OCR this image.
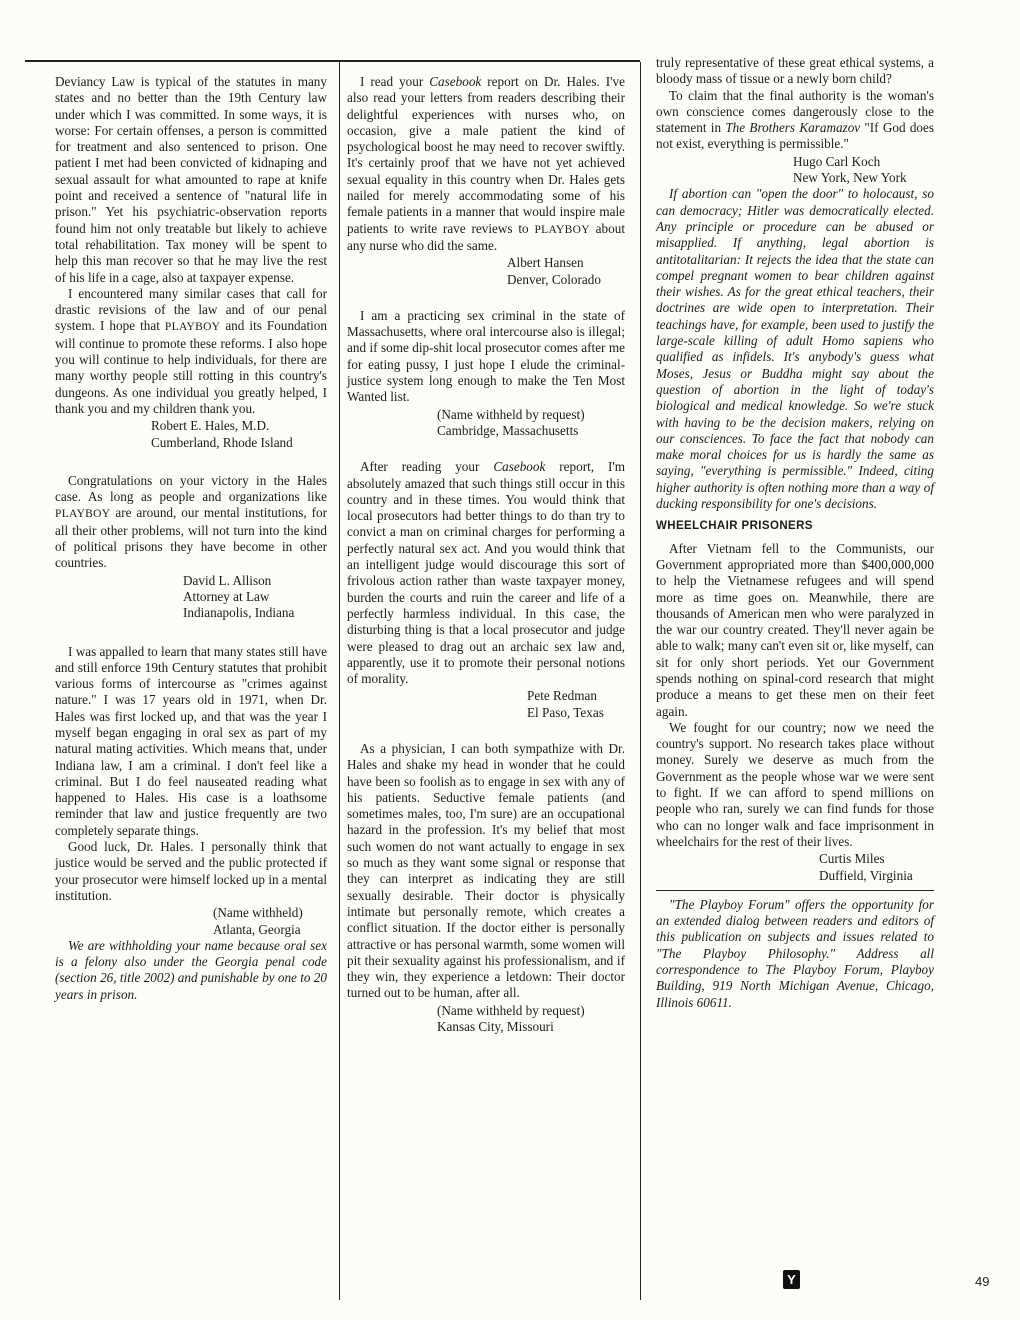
Deviancy Law is typical of the statutes in many states and no better than the 19th Century law under which I was committed. In some ways, it is worse: For certain offenses, a person is committed for treatment and also sentenced to prison. One patient I met had been convicted of kidnaping and sexual assault for what amounted to rape at knife point and received a sentence of "natural life in prison." Yet his psychiatric-observation reports found him not only treatable but likely to achieve total rehabilitation. Tax money will be spent to help this man recover so that he may live the rest of his life in a cage, also at taxpayer expense.

I encountered many similar cases that call for drastic revisions of the law and of our penal system. I hope that PLAYBOY and its Foundation will continue to promote these reforms. I also hope you will continue to help individuals, for there are many worthy people still rotting in this country's dungeons. As one individual you greatly helped, I thank you and my children thank you.

Robert E. Hales, M.D.
Cumberland, Rhode Island

Congratulations on your victory in the Hales case. As long as people and organizations like PLAYBOY are around, our mental institutions, for all their other problems, will not turn into the kind of political prisons they have become in other countries.

David L. Allison
Attorney at Law
Indianapolis, Indiana

I was appalled to learn that many states still have and still enforce 19th Century statutes that prohibit various forms of intercourse as "crimes against nature." I was 17 years old in 1971, when Dr. Hales was first locked up, and that was the year I myself began engaging in oral sex as part of my natural mating activities. Which means that, under Indiana law, I am a criminal. I don't feel like a criminal. But I do feel nauseated reading what happened to Hales. His case is a loathsome reminder that law and justice frequently are two completely separate things.

Good luck, Dr. Hales. I personally think that justice would be served and the public protected if your prosecutor were himself locked up in a mental institution.

(Name withheld)
Atlanta, Georgia

We are withholding your name because oral sex is a felony also under the Georgia penal code (section 26, title 2002) and punishable by one to 20 years in prison.

I read your Casebook report on Dr. Hales. I've also read your letters from readers describing their delightful experiences with nurses who, on occasion, give a male patient the kind of psychological boost he may need to recover swiftly. It's certainly proof that we have not yet achieved sexual equality in this country when Dr. Hales gets nailed for merely accommodating some of his female patients in a manner that would inspire male patients to write rave reviews to PLAYBOY about any nurse who did the same.

Albert Hansen
Denver, Colorado

I am a practicing sex criminal in the state of Massachusetts, where oral intercourse also is illegal; and if some dip-shit local prosecutor comes after me for eating pussy, I just hope I elude the criminal-justice system long enough to make the Ten Most Wanted list.

(Name withheld by request)
Cambridge, Massachusetts

After reading your Casebook report, I'm absolutely amazed that such things still occur in this country and in these times. You would think that local prosecutors had better things to do than try to convict a man on criminal charges for performing a perfectly natural sex act. And you would think that an intelligent judge would discourage this sort of frivolous action rather than waste taxpayer money, burden the courts and ruin the career and life of a perfectly harmless individual. In this case, the disturbing thing is that a local prosecutor and judge were pleased to drag out an archaic sex law and, apparently, use it to promote their personal notions of morality.

Pete Redman
El Paso, Texas

As a physician, I can both sympathize with Dr. Hales and shake my head in wonder that he could have been so foolish as to engage in sex with any of his patients. Seductive female patients (and sometimes males, too, I'm sure) are an occupational hazard in the profession. It's my belief that most such women do not want actually to engage in sex so much as they want some signal or response that they can interpret as indicating they are still sexually desirable. Their doctor is physically intimate but personally remote, which creates a conflict situation. If the doctor either is personally attractive or has personal warmth, some women will pit their sexuality against his professionalism, and if they win, they experience a letdown: Their doctor turned out to be human, after all.

(Name withheld by request)
Kansas City, Missouri

truly representative of these great ethical systems, a bloody mass of tissue or a newly born child?

To claim that the final authority is the woman's own conscience comes dangerously close to the statement in The Brothers Karamazov "If God does not exist, everything is permissible."

Hugo Carl Koch
New York, New York

If abortion can "open the door" to holocaust, so can democracy; Hitler was democratically elected. Any principle or procedure can be abused or misapplied. If anything, legal abortion is antitotalitarian: It rejects the idea that the state can compel pregnant women to bear children against their wishes. As for the great ethical teachers, their doctrines are wide open to interpretation. Their teachings have, for example, been used to justify the large-scale killing of adult Homo sapiens who qualified as infidels. It's anybody's guess what Moses, Jesus or Buddha might say about the question of abortion in the light of today's biological and medical knowledge. So we're stuck with having to be the decision makers, relying on our consciences. To face the fact that nobody can make moral choices for us is hardly the same as saying, "everything is permissible." Indeed, citing higher authority is often nothing more than a way of ducking responsibility for one's decisions.

WHEELCHAIR PRISONERS

After Vietnam fell to the Communists, our Government appropriated more than $400,000,000 to help the Vietnamese refugees and will spend more as time goes on. Meanwhile, there are thousands of American men who were paralyzed in the war our country created. They'll never again be able to walk; many can't even sit or, like myself, can sit for only short periods. Yet our Government spends nothing on spinal-cord research that might produce a means to get these men on their feet again.

We fought for our country; now we need the country's support. No research takes place without money. Surely we deserve as much from the Government as the people whose war we were sent to fight. If we can afford to spend millions on people who ran, surely we can find funds for those who can no longer walk and face imprisonment in wheelchairs for the rest of their lives.

Curtis Miles
Duffield, Virginia

"The Playboy Forum" offers the opportunity for an extended dialog between readers and editors of this publication on subjects and issues related to "The Playboy Philosophy." Address all correspondence to The Playboy Forum, Playboy Building, 919 North Michigan Avenue, Chicago, Illinois 60611.

Y	49
